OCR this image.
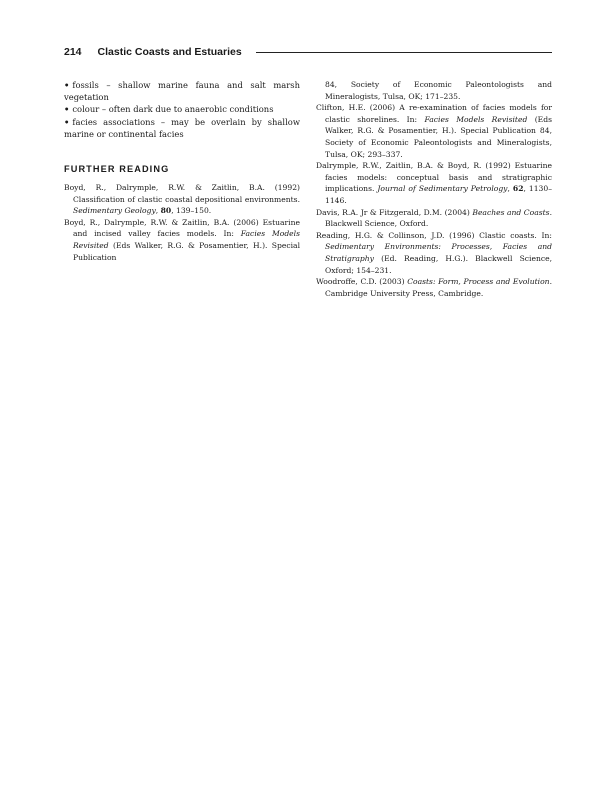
214 Clastic Coasts and Estuaries

• fossils – shallow marine fauna and salt marsh vegetation

• colour – often dark due to anaerobic conditions

• facies associations – may be overlain by shallow marine or continental facies

FURTHER READING

Boyd, R., Dalrymple, R.W. & Zaitlin, B.A. (1992) Classification of clastic coastal depositional environments. Sedimentary Geology, 80, 139–150.

Boyd, R., Dalrymple, R.W. & Zaitlin, B.A. (2006) Estuarine and incised valley facies models. In: Facies Models Revisited (Eds Walker, R.G. & Posamentier, H.). Special Publication

84, Society of Economic Paleontologists and Mineralogists, Tulsa, OK; 171–235.

Clifton, H.E. (2006) A re-examination of facies models for clastic shorelines. In: Facies Models Revisited (Eds Walker, R.G. & Posamentier, H.). Special Publication 84, Society of Economic Paleontologists and Mineralogists, Tulsa, OK; 293–337.

Dalrymple, R.W., Zaitlin, B.A. & Boyd, R. (1992) Estuarine facies models: conceptual basis and stratigraphic implications. Journal of Sedimentary Petrology, 62, 1130–1146.

Davis, R.A. Jr & Fitzgerald, D.M. (2004) Beaches and Coasts. Blackwell Science, Oxford.

Reading, H.G. & Collinson, J.D. (1996) Clastic coasts. In: Sedimentary Environments: Processes, Facies and Stratigraphy (Ed. Reading, H.G.). Blackwell Science, Oxford; 154–231.

Woodroffe, C.D. (2003) Coasts: Form, Process and Evolution. Cambridge University Press, Cambridge.
